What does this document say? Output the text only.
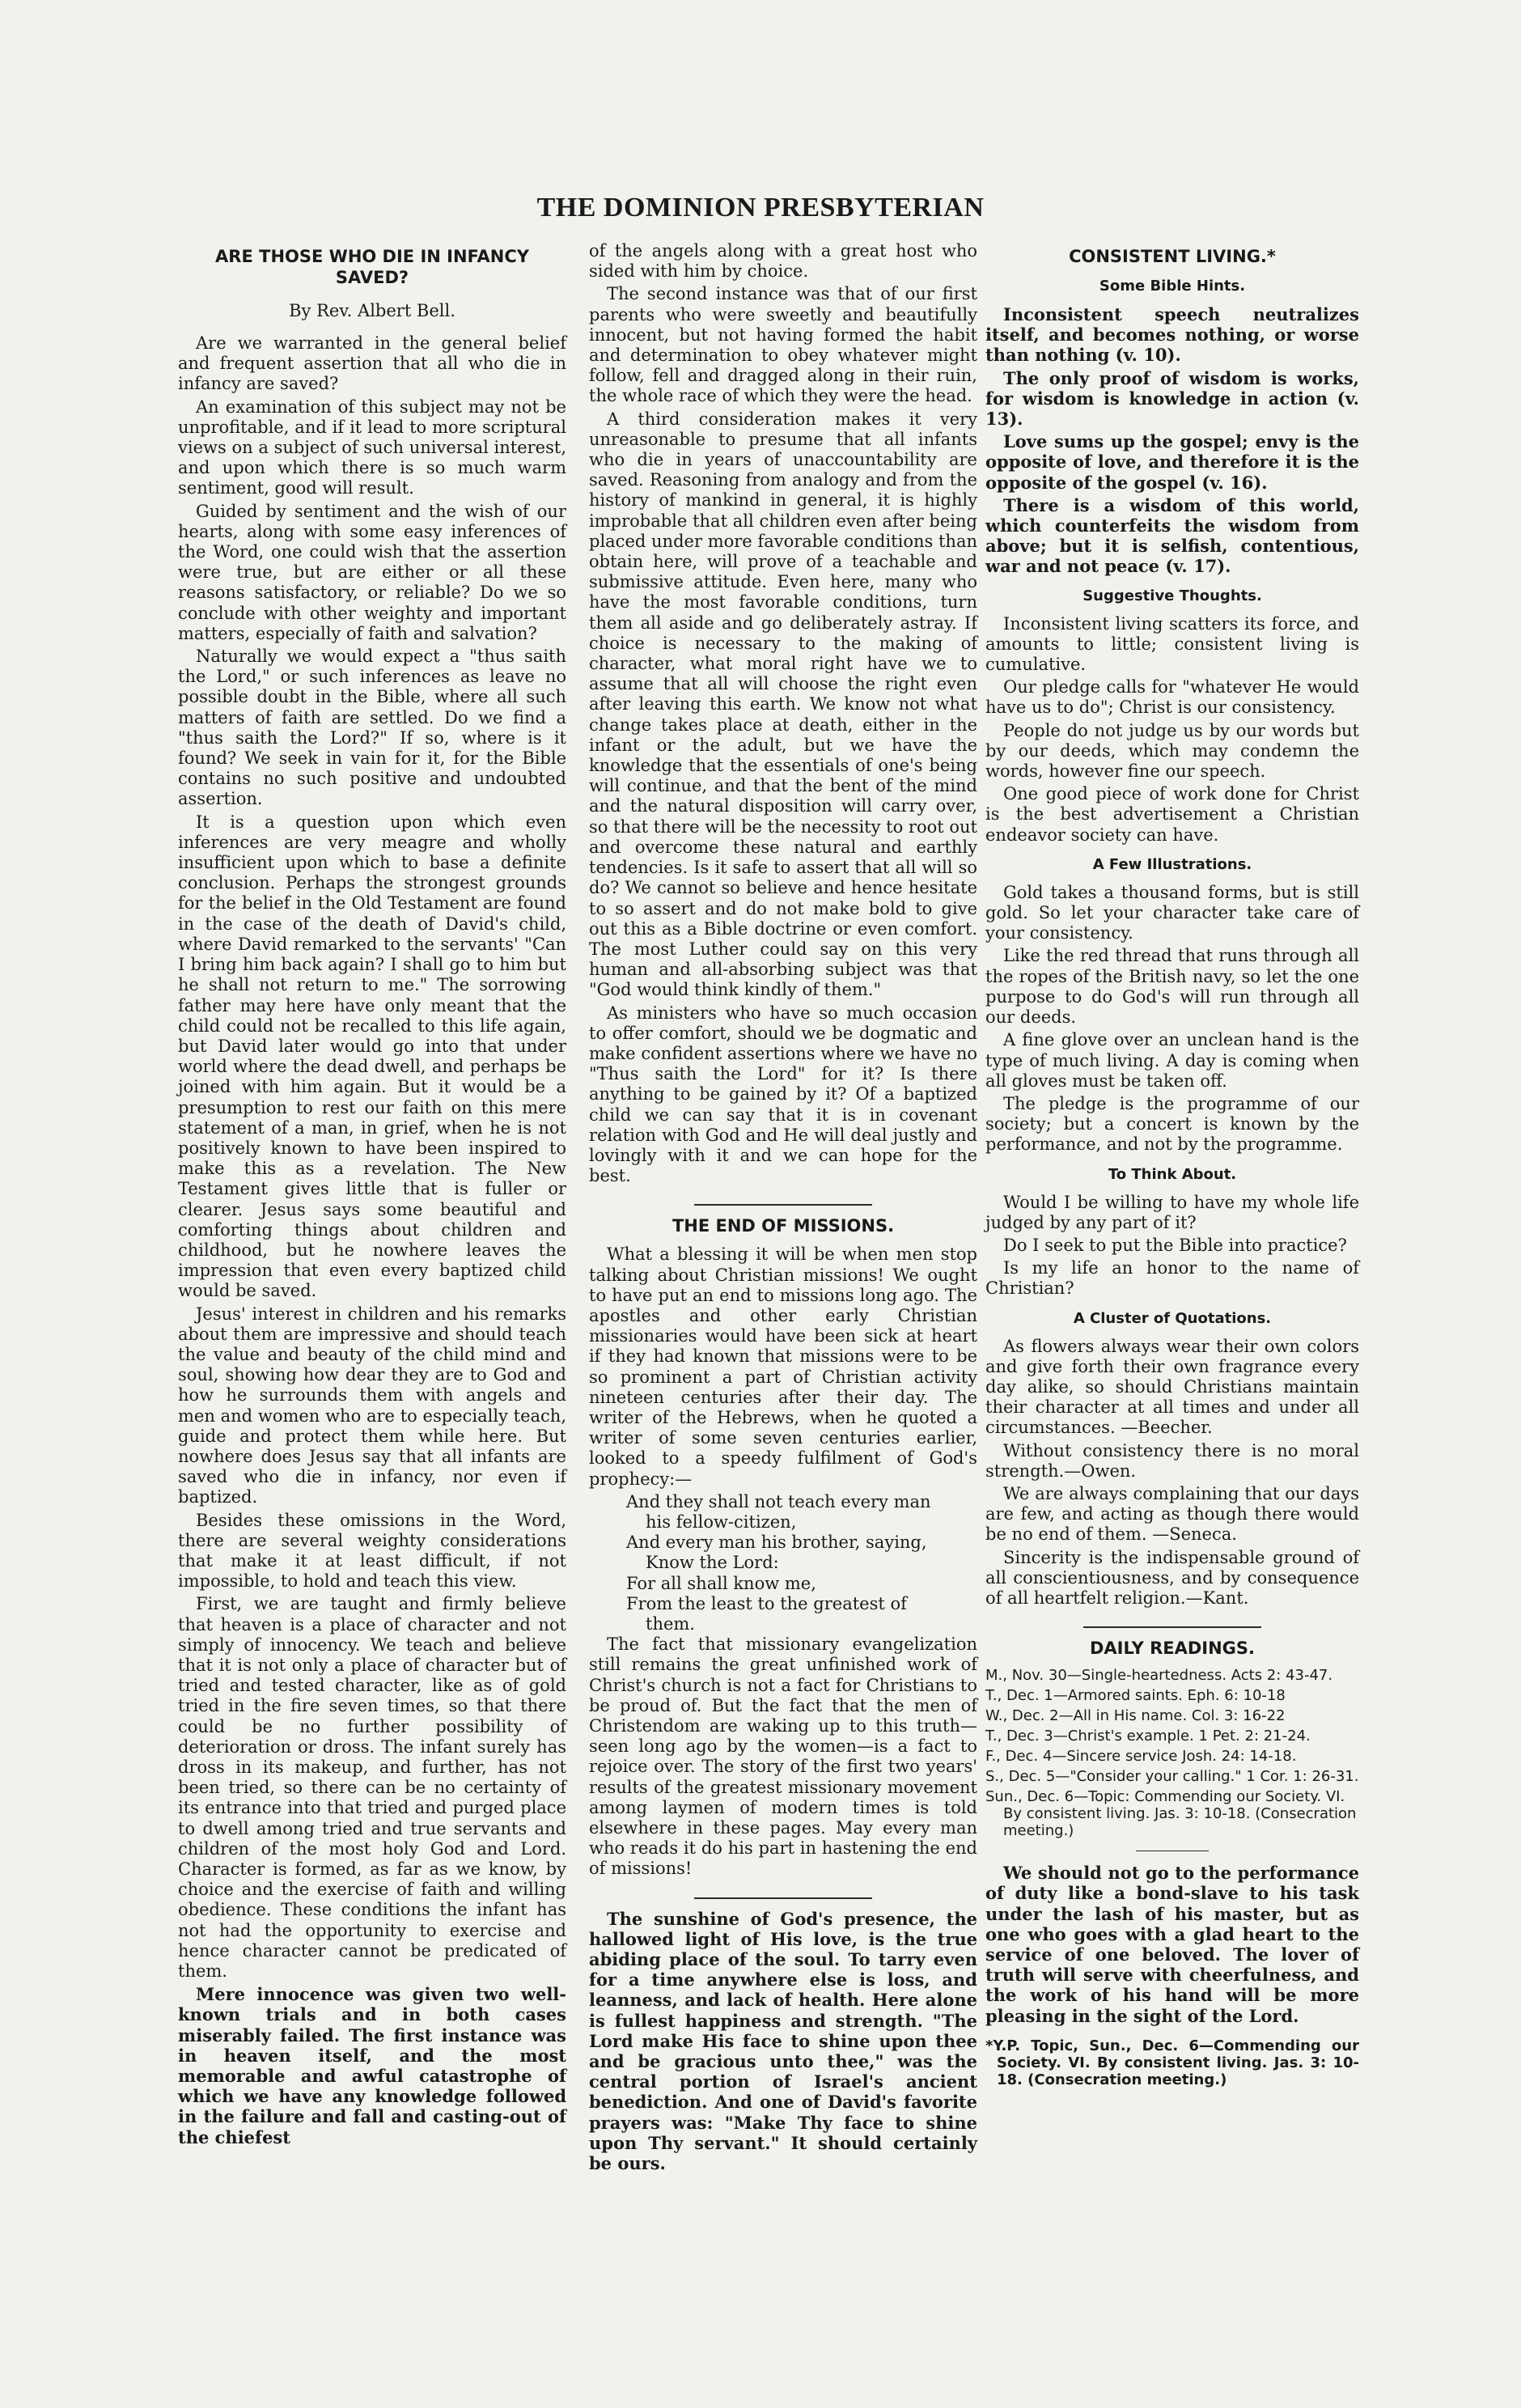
THE DOMINION PRESBYTERIAN
ARE THOSE WHO DIE IN INFANCY SAVED?
By Rev. Albert Bell.

Are we warranted in the general belief and frequent assertion that all who die in infancy are saved?

An examination of this subject may not be unprofitable, and if it lead to more scriptural views on a subject of such universal interest, and upon which there is so much warm sentiment, good will result.

Guided by sentiment and the wish of our hearts, along with some easy inferences of the Word, one could wish that the assertion were true, but are either or all these reasons satisfactory, or reliable? Do we so conclude with other weighty and important matters, especially of faith and salvation?

Naturally we would expect a "thus saith the Lord," or such inferences as leave no possible doubt in the Bible, where all such matters of faith are settled. Do we find a "thus saith the Lord?" If so, where is it found? We seek in vain for it, for the Bible contains no such positive and undoubted assertion.

It is a question upon which even inferences are very meagre and wholly insufficient upon which to base a definite conclusion. Perhaps the strongest grounds for the belief in the Old Testament are found in the case of the death of David's child, where David remarked to the servants' "Can I bring him back again? I shall go to him but he shall not return to me." The sorrowing father may here have only meant that the child could not be recalled to this life again, but David later would go into that under world where the dead dwell, and perhaps be joined with him again. But it would be a presumption to rest our faith on this mere statement of a man, in grief, when he is not positively known to have been inspired to make this as a revelation. The New Testament gives little that is fuller or clearer. Jesus says some beautiful and comforting things about children and childhood, but he nowhere leaves the impression that even every baptized child would be saved.

Jesus' interest in children and his remarks about them are impressive and should teach the value and beauty of the child mind and soul, showing how dear they are to God and how he surrounds them with angels and men and women who are to especially teach, guide and protect them while here. But nowhere does Jesus say that all infants are saved who die in infancy, nor even if baptized.

Besides these omissions in the Word, there are several weighty considerations that make it at least difficult, if not impossible, to hold and teach this view.

First, we are taught and firmly believe that heaven is a place of character and not simply of innocency. We teach and believe that it is not only a place of character but of tried and tested character, like as of gold tried in the fire seven times, so that there could be no further possibility of deterioration or dross. The infant surely has dross in its makeup, and further, has not been tried, so there can be no certainty of its entrance into that tried and purged place to dwell among tried and true servants and children of the most holy God and Lord. Character is formed, as far as we know, by choice and the exercise of faith and willing obedience. These conditions the infant has not had the opportunity to exercise and hence character cannot be predicated of them.

Mere innocence was given two well-known trials and in both cases miserably failed. The first instance was in heaven itself, and the most memorable and awful catastrophe of which we have any knowledge followed in the failure and fall and casting-out of the chiefest

of the angels along with a great host who sided with him by choice.

The second instance was that of our first parents who were sweetly and beautifully innocent, but not having formed the habit and determination to obey whatever might follow, fell and dragged along in their ruin, the whole race of which they were the head.

A third consideration makes it very unreasonable to presume that all infants who die in years of unaccountability are saved. Reasoning from analogy and from the history of mankind in general, it is highly improbable that all children even after being placed under more favorable conditions than obtain here, will prove of a teachable and submissive attitude. Even here, many who have the most favorable conditions, turn them all aside and go deliberately astray. If choice is necessary to the making of character, what moral right have we to assume that all will choose the right even after leaving this earth. We know not what change takes place at death, either in the infant or the adult, but we have the knowledge that the essentials of one's being will continue, and that the bent of the mind and the natural disposition will carry over, so that there will be the necessity to root out and overcome these natural and earthly tendencies. Is it safe to assert that all will so do? We cannot so believe and hence hesitate to so assert and do not make bold to give out this as a Bible doctrine or even comfort. The most Luther could say on this very human and all-absorbing subject was that "God would think kindly of them."

As ministers who have so much occasion to offer comfort, should we be dogmatic and make confident assertions where we have no "Thus saith the Lord" for it? Is there anything to be gained by it? Of a baptized child we can say that it is in covenant relation with God and He will deal justly and lovingly with it and we can hope for the best.

THE END OF MISSIONS.

What a blessing it will be when men stop talking about Christian missions! We ought to have put an end to missions long ago. The apostles and other early Christian missionaries would have been sick at heart if they had known that missions were to be so prominent a part of Christian activity nineteen centuries after their day. The writer of the Hebrews, when he quoted a writer of some seven centuries earlier, looked to a speedy fulfilment of God's prophecy:—

And they shall not teach every man

his fellow-citizen,

And every man his brother, saying,

Know the Lord:

For all shall know me,

From the least to the greatest of

them.

The fact that missionary evangelization still remains the great unfinished work of Christ's church is not a fact for Christians to be proud of. But the fact that the men of Christendom are waking up to this truth—seen long ago by the women—is a fact to rejoice over. The story of the first two years' results of the greatest missionary movement among laymen of modern times is told elsewhere in these pages. May every man who reads it do his part in hastening the end of missions!

The sunshine of God's presence, the hallowed light of His love, is the true abiding place of the soul. To tarry even for a time anywhere else is loss, and leanness, and lack of health. Here alone is fullest happiness and strength. "The Lord make His face to shine upon thee and be gracious unto thee," was the central portion of Israel's ancient benediction. And one of David's favorite prayers was: "Make Thy face to shine upon Thy servant." It should certainly be ours.

CONSISTENT LIVING.*
Some Bible Hints.

Inconsistent speech neutralizes itself, and becomes nothing, or worse than nothing (v. 10).

The only proof of wisdom is works, for wisdom is knowledge in action (v. 13).

Love sums up the gospel; envy is the opposite of love, and therefore it is the opposite of the gospel (v. 16).

There is a wisdom of this world, which counterfeits the wisdom from above; but it is selfish, contentious, war and not peace (v. 17).

Suggestive Thoughts.

Inconsistent living scatters its force, and amounts to little; consistent living is cumulative.

Our pledge calls for "whatever He would have us to do"; Christ is our consistency.

People do not judge us by our words but by our deeds, which may condemn the words, however fine our speech.

One good piece of work done for Christ is the best advertisement a Christian endeavor society can have.

A Few Illustrations.

Gold takes a thousand forms, but is still gold. So let your character take care of your consistency.

Like the red thread that runs through all the ropes of the British navy, so let the one purpose to do God's will run through all our deeds.

A fine glove over an unclean hand is the type of much living. A day is coming when all gloves must be taken off.

The pledge is the programme of our society; but a concert is known by the performance, and not by the programme.

To Think About.

Would I be willing to have my whole life judged by any part of it?

Do I seek to put the Bible into practice?

Is my life an honor to the name of Christian?

A Cluster of Quotations.

As flowers always wear their own colors and give forth their own fragrance every day alike, so should Christians maintain their character at all times and under all circumstances. —Beecher.

Without consistency there is no moral strength.—Owen.

We are always complaining that our days are few, and acting as though there would be no end of them. —Seneca.

Sincerity is the indispensable ground of all conscientiousness, and by consequence of all heartfelt religion.—Kant.

DAILY READINGS.

M., Nov. 30—Single-heartedness. Acts 2: 43-47.

T., Dec. 1—Armored saints. Eph. 6: 10-18

W., Dec. 2—All in His name. Col. 3: 16-22

T., Dec. 3—Christ's example. 1 Pet. 2: 21-24.

F., Dec. 4—Sincere service Josh. 24: 14-18.

S., Dec. 5—"Consider your calling." 1 Cor. 1: 26-31.

Sun., Dec. 6—Topic: Commending our Society. VI. By consistent living. Jas. 3: 10-18. (Consecration meeting.)

We should not go to the performance of duty like a bond-slave to his task under the lash of his master, but as one who goes with a glad heart to the service of one beloved. The lover of truth will serve with cheerfulness, and the work of his hand will be more pleasing in the sight of the Lord.

*Y.P. Topic, Sun., Dec. 6—Commending our Society. VI. By consistent living. Jas. 3: 10-18. (Consecration meeting.)
